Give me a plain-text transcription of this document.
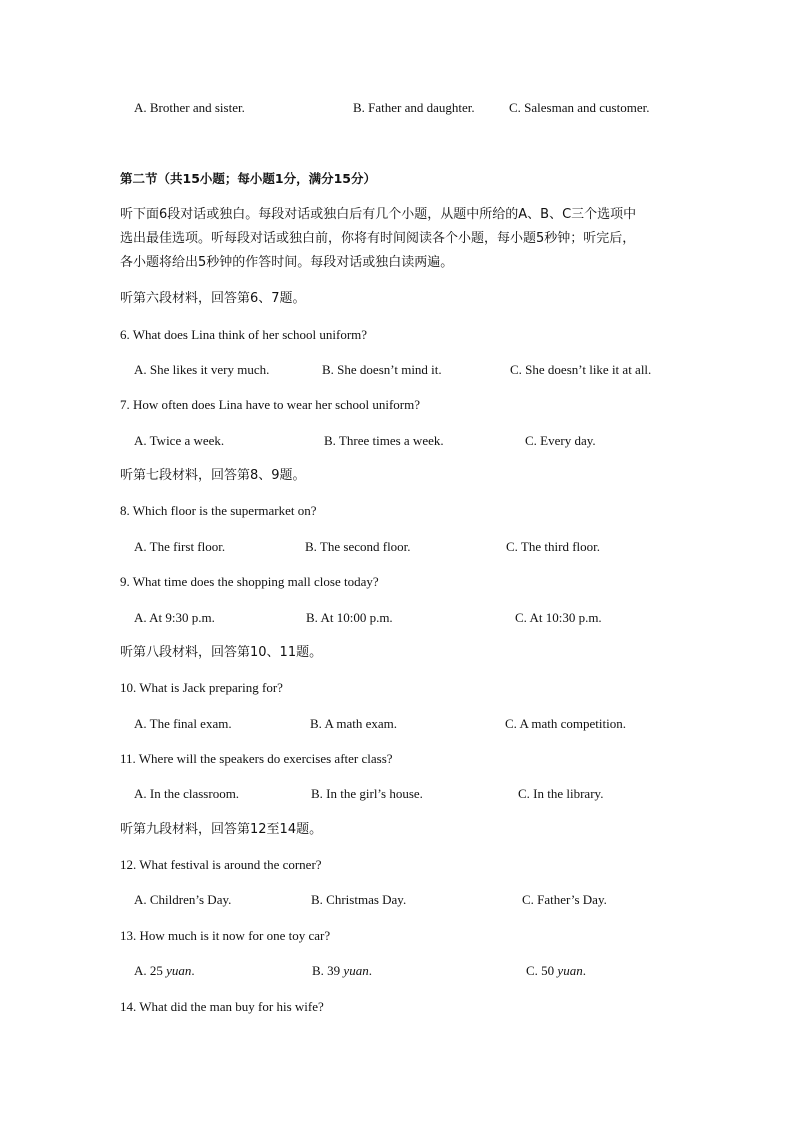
A. Brother and sister.	B. Father and daughter.	C. Salesman and customer.
第二节（共15小题；每小题1分，满分15分）
听下面6段对话或独白。每段对话或独白后有几个小题，从题中所给的A、B、C三个选项中
选出最佳选项。听每段对话或独白前，你将有时间阅读各个小题，每小题5秒钟；听完后，
各小题将给出5秒钟的作答时间。每段对话或独白读两遍。
听第六段材料，回答第6、7题。
6. What does Lina think of her school uniform?
A. She likes it very much.	B. She doesn’t mind it.	C. She doesn’t like it at all.
7. How often does Lina have to wear her school uniform?
A. Twice a week.	B. Three times a week.	C. Every day.
听第七段材料，回答第8、9题。
8. Which floor is the supermarket on?
A. The first floor.	B. The second floor.	C. The third floor.
9. What time does the shopping mall close today?
A. At 9:30 p.m.	B. At 10:00 p.m.	C. At 10:30 p.m.
听第八段材料，回答第10、11题。
10. What is Jack preparing for?
A. The final exam.	B. A math exam.	C. A math competition.
11. Where will the speakers do exercises after class?
A. In the classroom.	B. In the girl’s house.	C. In the library.
听第九段材料，回答第12至14题。
12. What festival is around the corner?
A. Children’s Day.	B. Christmas Day.	C. Father’s Day.
13. How much is it now for one toy car?
A. 25 yuan.	B. 39 yuan.	C. 50 yuan.
14. What did the man buy for his wife?
